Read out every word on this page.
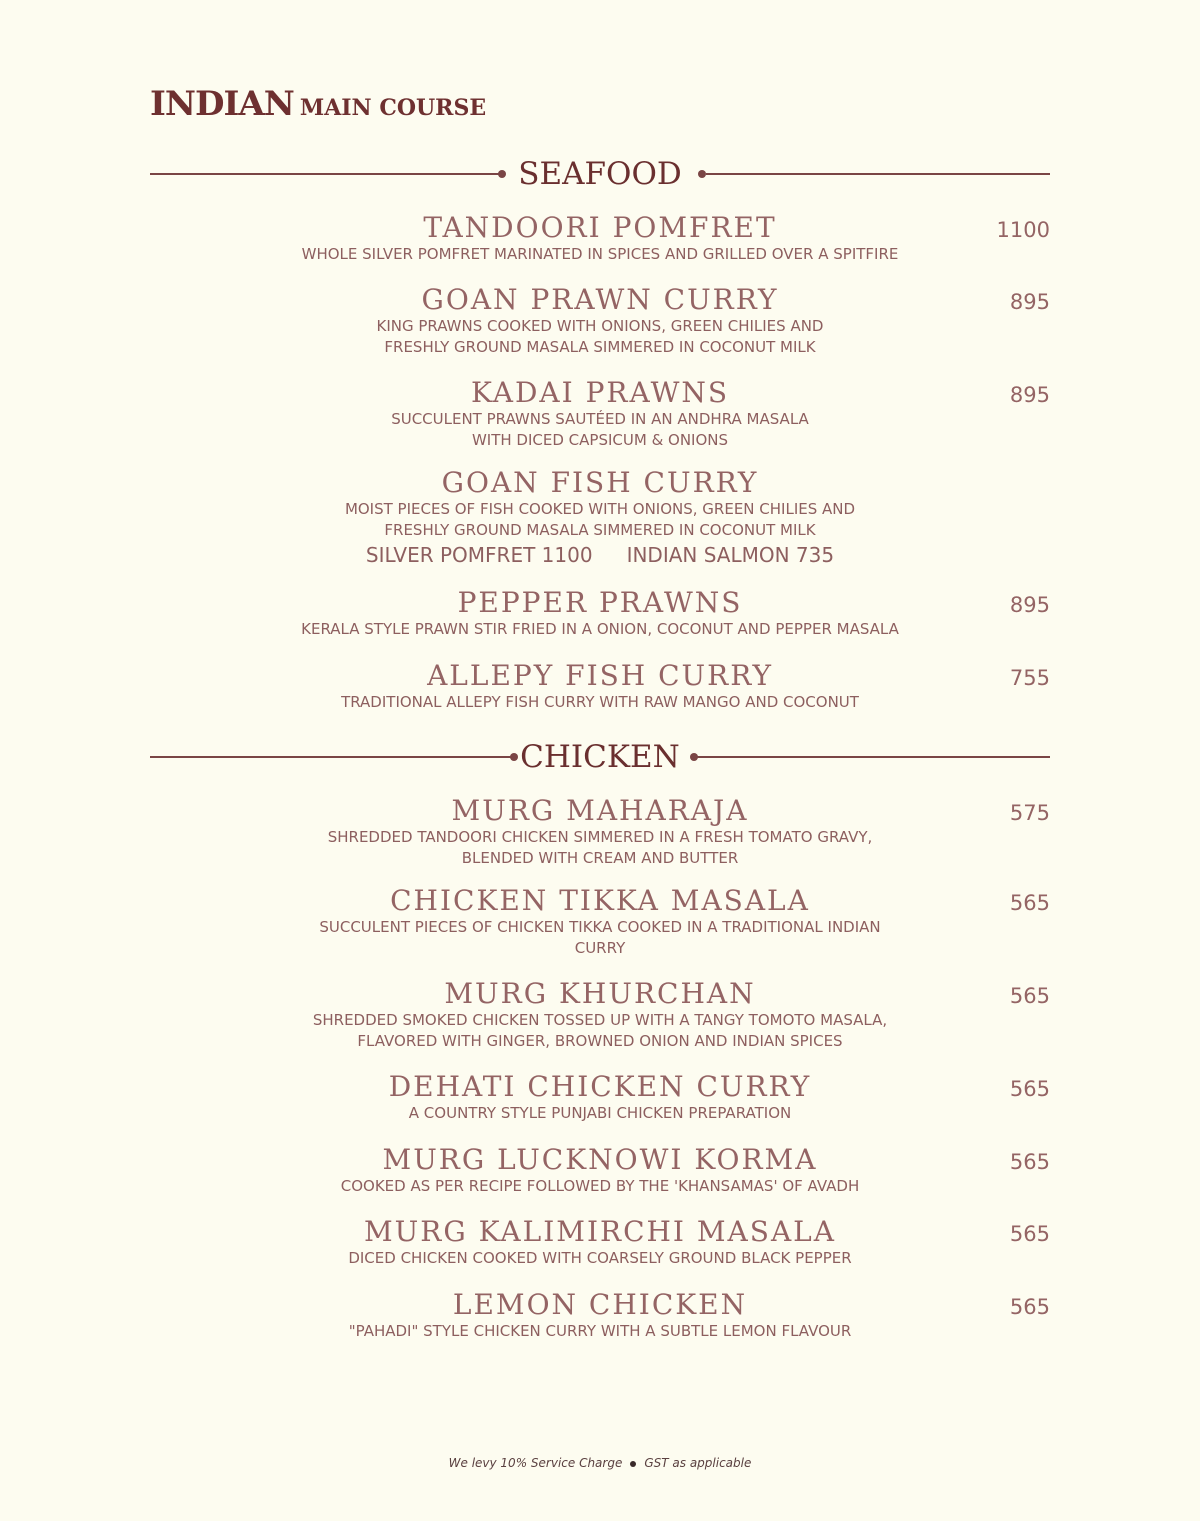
INDIAN MAIN COURSE
SEAFOOD
TANDOORI POMFRET
WHOLE SILVER POMFRET MARINATED IN SPICES AND GRILLED OVER A SPITFIRE
1100
GOAN PRAWN CURRY
KING PRAWNS COOKED WITH ONIONS, GREEN CHILIES AND
FRESHLY GROUND MASALA SIMMERED IN COCONUT MILK
895
KADAI PRAWNS
SUCCULENT PRAWNS SAUTÉED IN AN ANDHRA MASALA
WITH DICED CAPSICUM & ONIONS
895
GOAN FISH CURRY
MOIST PIECES OF FISH COOKED WITH ONIONS, GREEN CHILIES AND
FRESHLY GROUND MASALA SIMMERED IN COCONUT MILK
SILVER POMFRET 1100 INDIAN SALMON 735
PEPPER PRAWNS
KERALA STYLE PRAWN STIR FRIED IN A ONION, COCONUT AND PEPPER MASALA
895
ALLEPY FISH CURRY
TRADITIONAL ALLEPY FISH CURRY WITH RAW MANGO AND COCONUT
755
CHICKEN
MURG MAHARAJA
SHREDDED TANDOORI CHICKEN SIMMERED IN A FRESH TOMATO GRAVY,
BLENDED WITH CREAM AND BUTTER
575
CHICKEN TIKKA MASALA
SUCCULENT PIECES OF CHICKEN TIKKA COOKED IN A TRADITIONAL INDIAN
CURRY
565
MURG KHURCHAN
SHREDDED SMOKED CHICKEN TOSSED UP WITH A TANGY TOMOTO MASALA,
FLAVORED WITH GINGER, BROWNED ONION AND INDIAN SPICES
565
DEHATI CHICKEN CURRY
A COUNTRY STYLE PUNJABI CHICKEN PREPARATION
565
MURG LUCKNOWI KORMA
COOKED AS PER RECIPE FOLLOWED BY THE 'KHANSAMAS' OF AVADH
565
MURG KALIMIRCHI MASALA
DICED CHICKEN COOKED WITH COARSELY GROUND BLACK PEPPER
565
LEMON CHICKEN
"PAHADI" STYLE CHICKEN CURRY WITH A SUBTLE LEMON FLAVOUR
565
We levy 10% Service Charge GST as applicable
